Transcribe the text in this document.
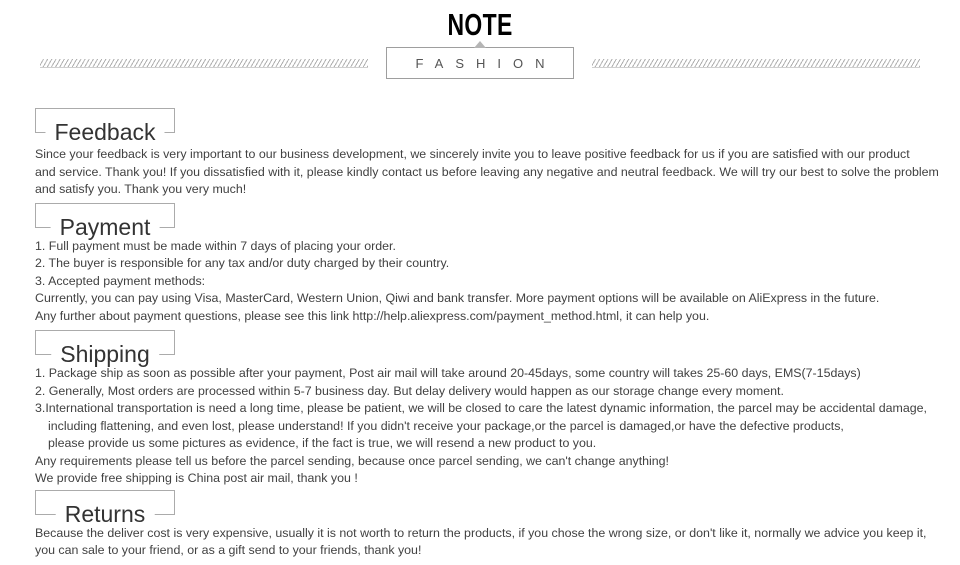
NOTE
FASHION
Feedback
Since your feedback is very important to our business development, we sincerely invite you to leave positive feedback for us if you are satisfied with our product
and service. Thank you! If you dissatisfied with it, please kindly contact us before leaving any negative and neutral feedback. We will try our best to solve the problem
and satisfy you. Thank you very much!
Payment
1. Full payment must be made within 7 days of placing your order.
2. The buyer is responsible for any tax and/or duty charged by their country.
3. Accepted payment methods:
Currently, you can pay using Visa, MasterCard, Western Union, Qiwi and bank transfer. More payment options will be available on AliExpress in the future.
Any further about payment questions, please see this link http://help.aliexpress.com/payment_method.html, it can help you.
Shipping
1. Package ship as soon as possible after your payment, Post air mail will take around 20-45days, some country will takes 25-60 days, EMS(7-15days)
2. Generally, Most orders are processed within 5-7 business day. But delay delivery would happen as our storage change every moment.
3.International transportation is need a long time, please be patient, we will be closed to care the latest dynamic information, the parcel may be accidental damage,
including flattening, and even lost, please understand! If you didn't receive your package,or the parcel is damaged,or have the defective products,
please provide us some pictures as evidence, if the fact is true, we will resend a new product to you.
Any requirements please tell us before the parcel sending, because once parcel sending, we can't change anything!
We provide free shipping is China post air mail, thank you !
Returns
Because the deliver cost is very expensive, usually it is not worth to return the products, if you chose the wrong size, or don't like it, normally we advice you keep it,
you can sale to your friend, or as a gift send to your friends, thank you!
